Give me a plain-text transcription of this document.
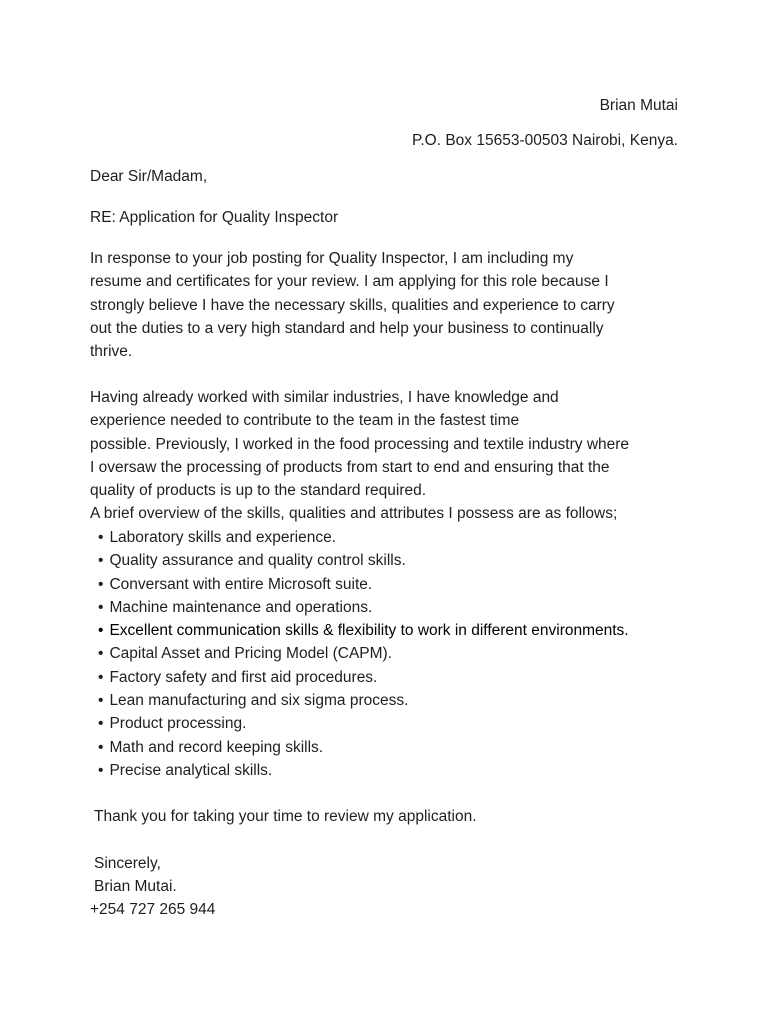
Brian Mutai
P.O. Box 15653-00503 Nairobi, Kenya.
Dear Sir/Madam,
RE: Application for Quality Inspector

In response to your job posting for Quality Inspector, I am including my

resume and certificates for your review. I am applying for this role because I

strongly believe I have the necessary skills, qualities and experience to carry

out the duties to a very high standard and help your business to continually

thrive.

Having already worked with similar industries, I have knowledge and

experience needed to contribute to the team in the fastest time

possible. Previously, I worked in the food processing and textile industry where

I oversaw the processing of products from start to end and ensuring that the

quality of products is up to the standard required.

A brief overview of the skills, qualities and attributes I possess are as follows;

• Laboratory skills and experience.
• Quality assurance and quality control skills.
• Conversant with entire Microsoft suite.
• Machine maintenance and operations.
• Excellent communication skills & flexibility to work in different environments.
• Capital Asset and Pricing Model (CAPM).
• Factory safety and first aid procedures.
• Lean manufacturing and six sigma process.
• Product processing.
• Math and record keeping skills.
• Precise analytical skills.
Thank you for taking your time to review my application.
Sincerely,
Brian Mutai.
+254 727 265 944
